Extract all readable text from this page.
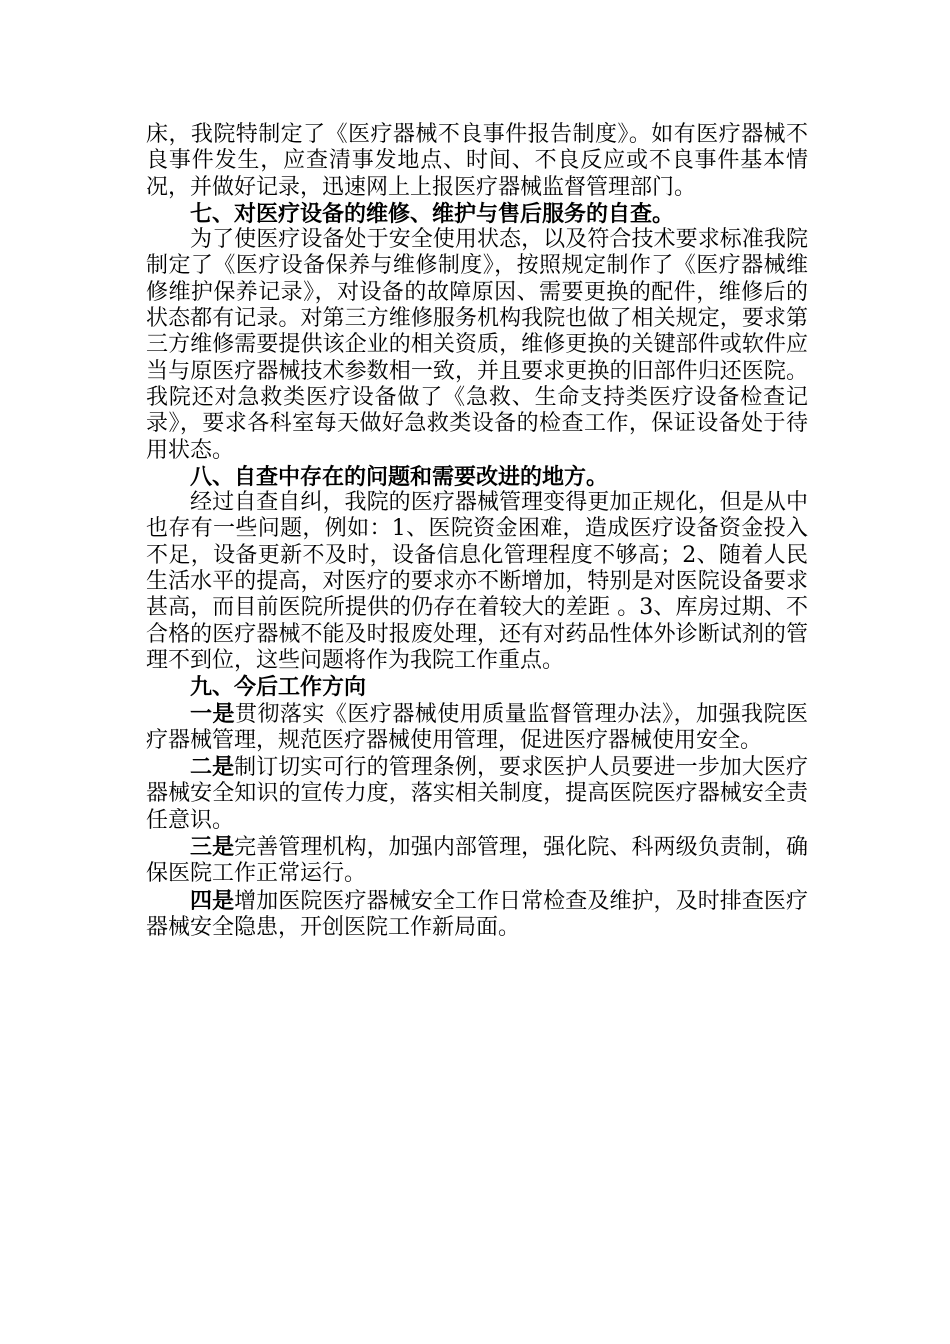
床，我院特制定了《医疗器械不良事件报告制度》。如有医疗器械不良事件发生，应查清事发地点、时间、不良反应或不良事件基本情况，并做好记录，迅速网上上报医疗器械监督管理部门。

七、对医疗设备的维修、维护与售后服务的自查。

为了使医疗设备处于安全使用状态，以及符合技术要求标准我院制定了《医疗设备保养与维修制度》，按照规定制作了《医疗器械维修维护保养记录》，对设备的故障原因、需要更换的配件，维修后的状态都有记录。对第三方维修服务机构我院也做了相关规定，要求第三方维修需要提供该企业的相关资质，维修更换的关键部件或软件应当与原医疗器械技术参数相一致，并且要求更换的旧部件归还医院。我院还对急救类医疗设备做了《急救、生命支持类医疗设备检查记录》，要求各科室每天做好急救类设备的检查工作，保证设备处于待用状态。

八、自查中存在的问题和需要改进的地方。

经过自查自纠，我院的医疗器械管理变得更加正规化，但是从中也存有一些问题，例如：1、医院资金困难，造成医疗设备资金投入不足，设备更新不及时，设备信息化管理程度不够高；2、随着人民生活水平的提高，对医疗的要求亦不断增加，特别是对医院设备要求甚高，而目前医院所提供的仍存在着较大的差距 。3、库房过期、不合格的医疗器械不能及时报废处理，还有对药品性体外诊断试剂的管理不到位，这些问题将作为我院工作重点。

九、今后工作方向

一是贯彻落实《医疗器械使用质量监督管理办法》，加强我院医疗器械管理，规范医疗器械使用管理，促进医疗器械使用安全。

二是制订切实可行的管理条例，要求医护人员要进一步加大医疗器械安全知识的宣传力度，落实相关制度，提高医院医疗器械安全责任意识。

三是完善管理机构，加强内部管理，强化院、科两级负责制，确保医院工作正常运行。

四是增加医院医疗器械安全工作日常检查及维护，及时排查医疗器械安全隐患，开创医院工作新局面。
